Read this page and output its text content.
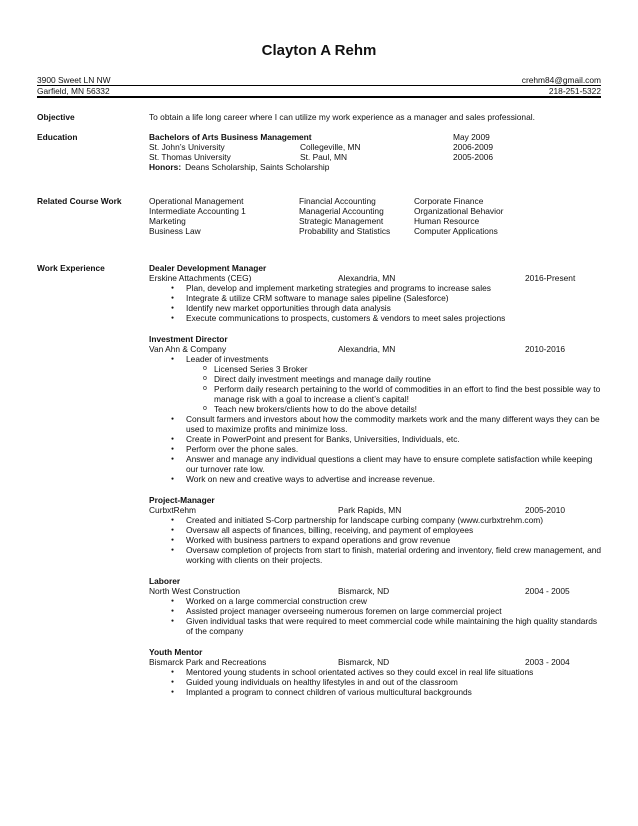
Clayton A Rehm
3900 Sweet LN NW	crehm84@gmail.com
Garfield, MN 56332	218-251-5322
Objective	To obtain a life long career where I can utilize my work experience as a manager and sales professional.
Education	Bachelors of Arts Business Management	May 2009
St. John’s University	Collegeville, MN	2006-2009
St. Thomas University	St. Paul, MN	2005-2006
Honors: Deans Scholarship, Saints Scholarship
Related Course Work	Operational Management	Financial Accounting	Corporate Finance
Intermediate Accounting 1	Managerial Accounting	Organizational Behavior
Marketing	Strategic Management	Human Resource
Business Law	Probability and Statistics	Computer Applications
Work Experience	Dealer Development Manager
Erskine Attachments (CEG)	Alexandria, MN	2016-Present
● Plan, develop and implement marketing strategies and programs to increase sales
● Integrate & utilize CRM software to manage sales pipeline (Salesforce)
● Identify new market opportunities through data analysis
● Execute communications to prospects, customers & vendors to meet sales projections
Investment Director
Van Ahn & Company	Alexandria, MN	2010-2016
● Leader of investments
o Licensed Series 3 Broker
o Direct daily investment meetings and manage daily routine
o Perform daily research pertaining to the world of commodities in an effort to find the best possible way to manage risk with a goal to increase a client’s capital!
o Teach new brokers/clients how to do the above details!
● Consult farmers and investors about how the commodity markets work and the many different ways they can be used to maximize profits and minimize loss.
● Create in PowerPoint and present for Banks, Universities, Individuals, etc.
● Perform over the phone sales.
● Answer and manage any individual questions a client may have to ensure complete satisfaction while keeping our turnover rate low.
● Work on new and creative ways to advertise and increase revenue.
Project-Manager
CurbxtRehm	Park Rapids, MN	2005-2010
● Created and initiated S-Corp partnership for landscape curbing company (www.curbxtrehm.com)
● Oversaw all aspects of finances, billing, receiving, and payment of employees
● Worked with business partners to expand operations and grow revenue
● Oversaw completion of projects from start to finish, material ordering and inventory, field crew management, and working with clients on their projects.
Laborer
North West Construction	Bismarck, ND	2004 - 2005
● Worked on a large commercial construction crew
● Assisted project manager overseeing numerous foremen on large commercial project
● Given individual tasks that were required to meet commercial code while maintaining the high quality standards of the company
Youth Mentor
Bismarck Park and Recreations	Bismarck, ND	2003 - 2004
● Mentored young students in school orientated actives so they could excel in real life situations
● Guided young individuals on healthy lifestyles in and out of the classroom
● Implanted a program to connect children of various multicultural backgrounds
